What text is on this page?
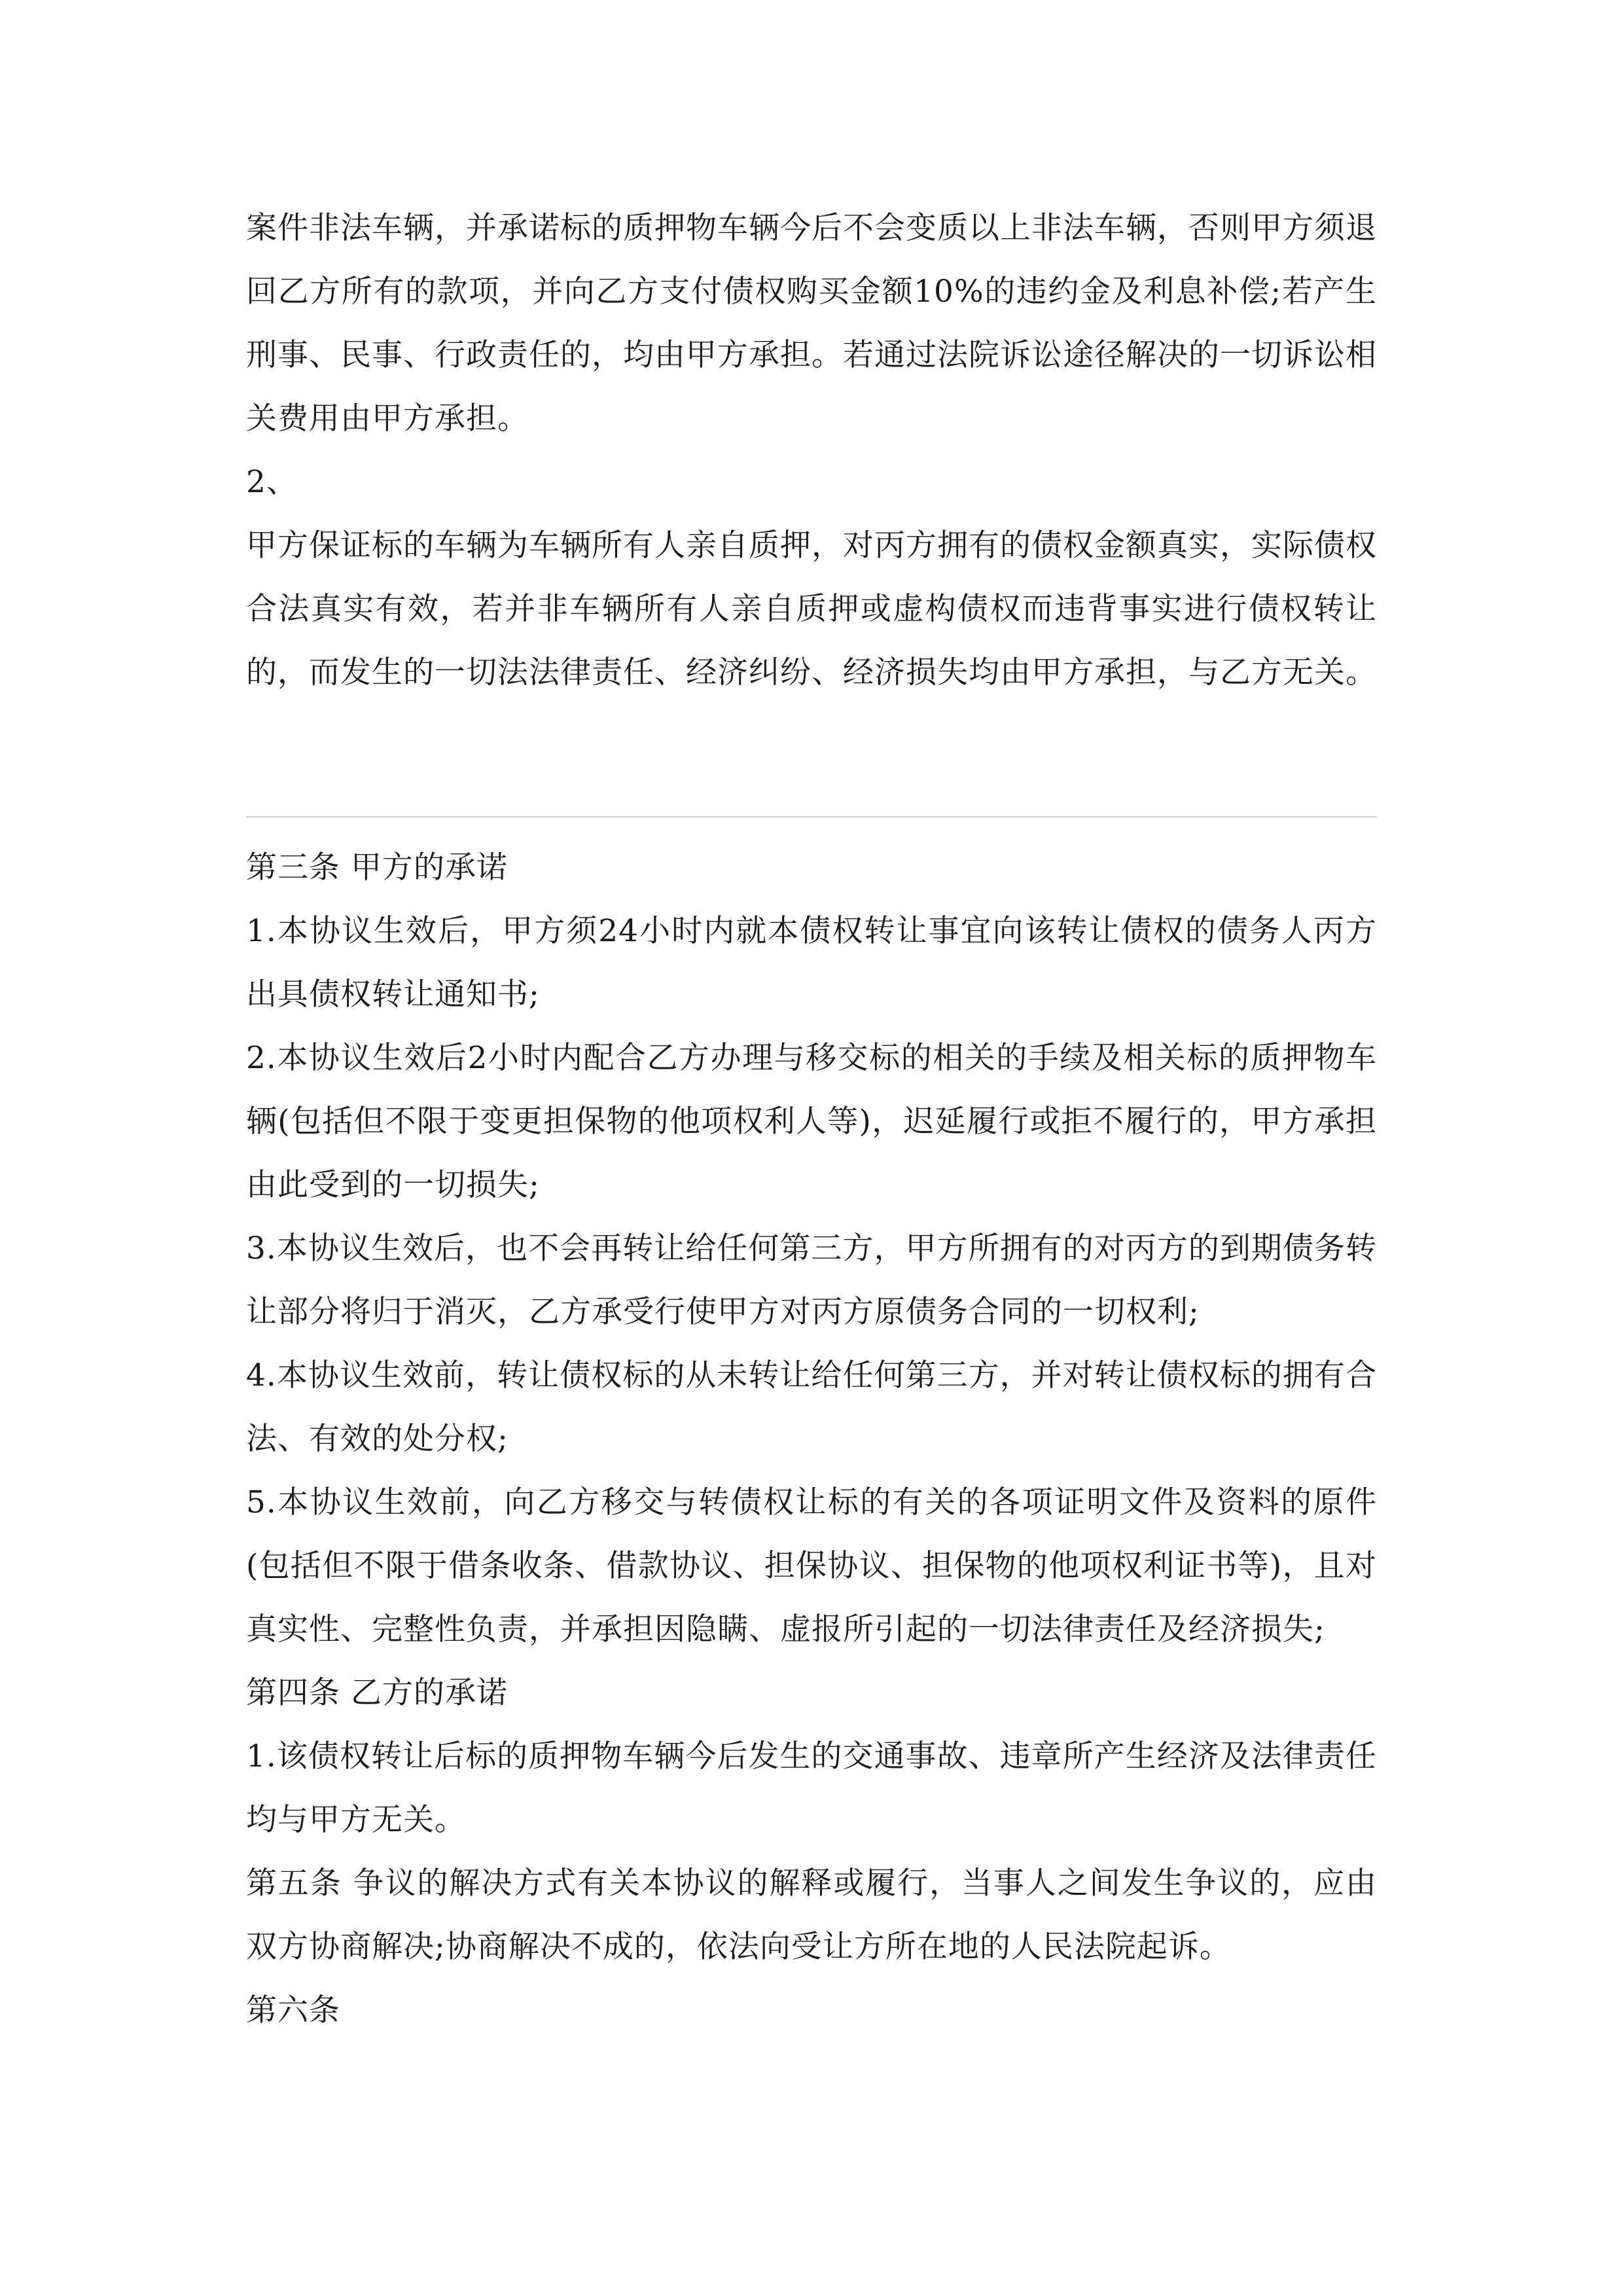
案件非法车辆，并承诺标的质押物车辆今后不会变质以上非法车辆，否则甲方须退回乙方所有的款项，并向乙方支付债权购买金额10%的违约金及利息补偿;若产生刑事、民事、行政责任的，均由甲方承担。若通过法院诉讼途径解决的一切诉讼相关费用由甲方承担。

2、

甲方保证标的车辆为车辆所有人亲自质押，对丙方拥有的债权金额真实，实际债权合法真实有效，若并非车辆所有人亲自质押或虚构债权而违背事实进行债权转让的，而发生的一切法法律责任、经济纠纷、经济损失均由甲方承担，与乙方无关。

第三条 甲方的承诺

1.本协议生效后，甲方须24小时内就本债权转让事宜向该转让债权的债务人丙方出具债权转让通知书;

2.本协议生效后2小时内配合乙方办理与移交标的相关的手续及相关标的质押物车辆(包括但不限于变更担保物的他项权利人等)，迟延履行或拒不履行的，甲方承担由此受到的一切损失;

3.本协议生效后，也不会再转让给任何第三方，甲方所拥有的对丙方的到期债务转让部分将归于消灭，乙方承受行使甲方对丙方原债务合同的一切权利;

4.本协议生效前，转让债权标的从未转让给任何第三方，并对转让债权标的拥有合法、有效的处分权;

5.本协议生效前，向乙方移交与转债权让标的有关的各项证明文件及资料的原件(包括但不限于借条收条、借款协议、担保协议、担保物的他项权利证书等)，且对真实性、完整性负责，并承担因隐瞒、虚报所引起的一切法律责任及经济损失;

第四条 乙方的承诺

1.该债权转让后标的质押物车辆今后发生的交通事故、违章所产生经济及法律责任均与甲方无关。

第五条 争议的解决方式有关本协议的解释或履行，当事人之间发生争议的，应由双方协商解决;协商解决不成的，依法向受让方所在地的人民法院起诉。

第六条
